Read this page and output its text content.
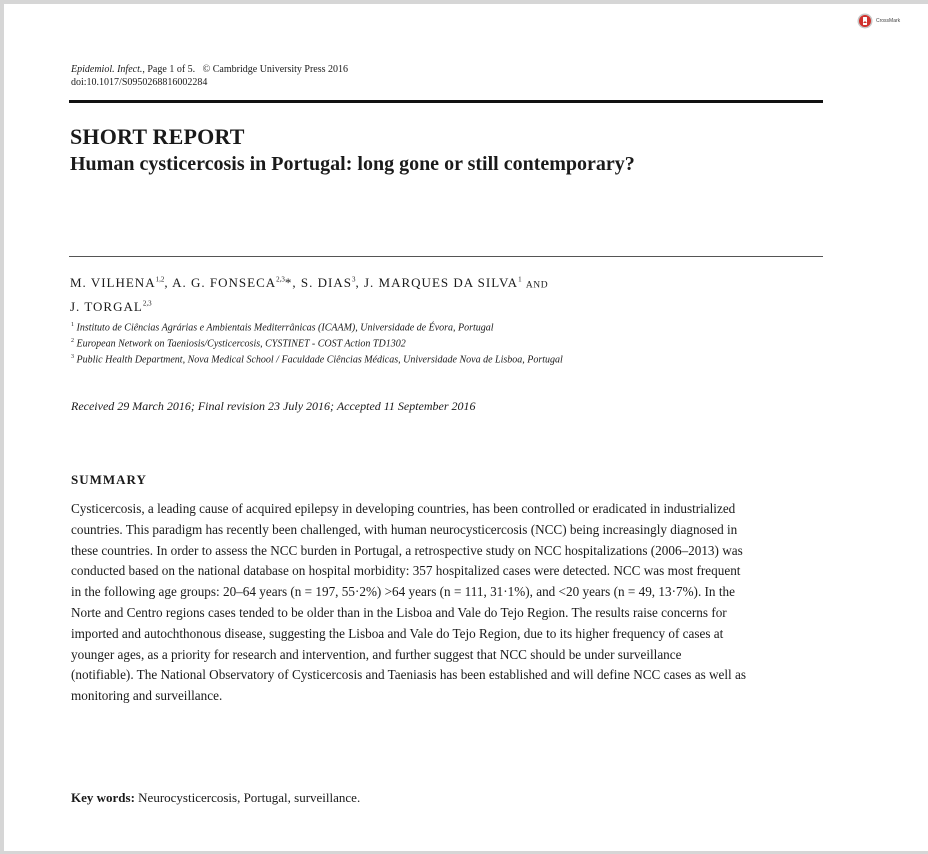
CrossMark
Epidemiol. Infect., Page 1 of 5. © Cambridge University Press 2016
doi:10.1017/S0950268816002284
SHORT REPORT
Human cysticercosis in Portugal: long gone or still contemporary?
M. VILHENA$^{1,2}$, A. G. FONSECA$^{2,3}$*, S. DIAS$^3$, J. MARQUES DA SILVA$^1$ AND
J. TORGAL$^{2,3}$
$^1$ Instituto de Ciências Agrárias e Ambientais Mediterrânicas (ICAAM), Universidade de Évora, Portugal
$^2$ European Network on Taeniosis/Cysticercosis, CYSTINET - COST Action TD1302
$^3$ Public Health Department, Nova Medical School / Faculdade Ciências Médicas, Universidade Nova de Lisboa, Portugal
Received 29 March 2016; Final revision 23 July 2016; Accepted 11 September 2016
SUMMARY
Cysticercosis, a leading cause of acquired epilepsy in developing countries, has been controlled or eradicated in industrialized countries. This paradigm has recently been challenged, with human neurocysticercosis (NCC) being increasingly diagnosed in these countries. In order to assess the NCC burden in Portugal, a retrospective study on NCC hospitalizations (2006–2013) was conducted based on the national database on hospital morbidity: 357 hospitalized cases were detected. NCC was most frequent in the following age groups: 20–64 years (n = 197, 55·2%) >64 years (n = 111, 31·1%), and <20 years (n = 49, 13·7%). In the Norte and Centro regions cases tended to be older than in the Lisboa and Vale do Tejo Region. The results raise concerns for imported and autochthonous disease, suggesting the Lisboa and Vale do Tejo Region, due to its higher frequency of cases at younger ages, as a priority for research and intervention, and further suggest that NCC should be under surveillance (notifiable). The National Observatory of Cysticercosis and Taeniasis has been established and will define NCC cases as well as monitoring and surveillance.
Key words: Neurocysticercosis, Portugal, surveillance.
